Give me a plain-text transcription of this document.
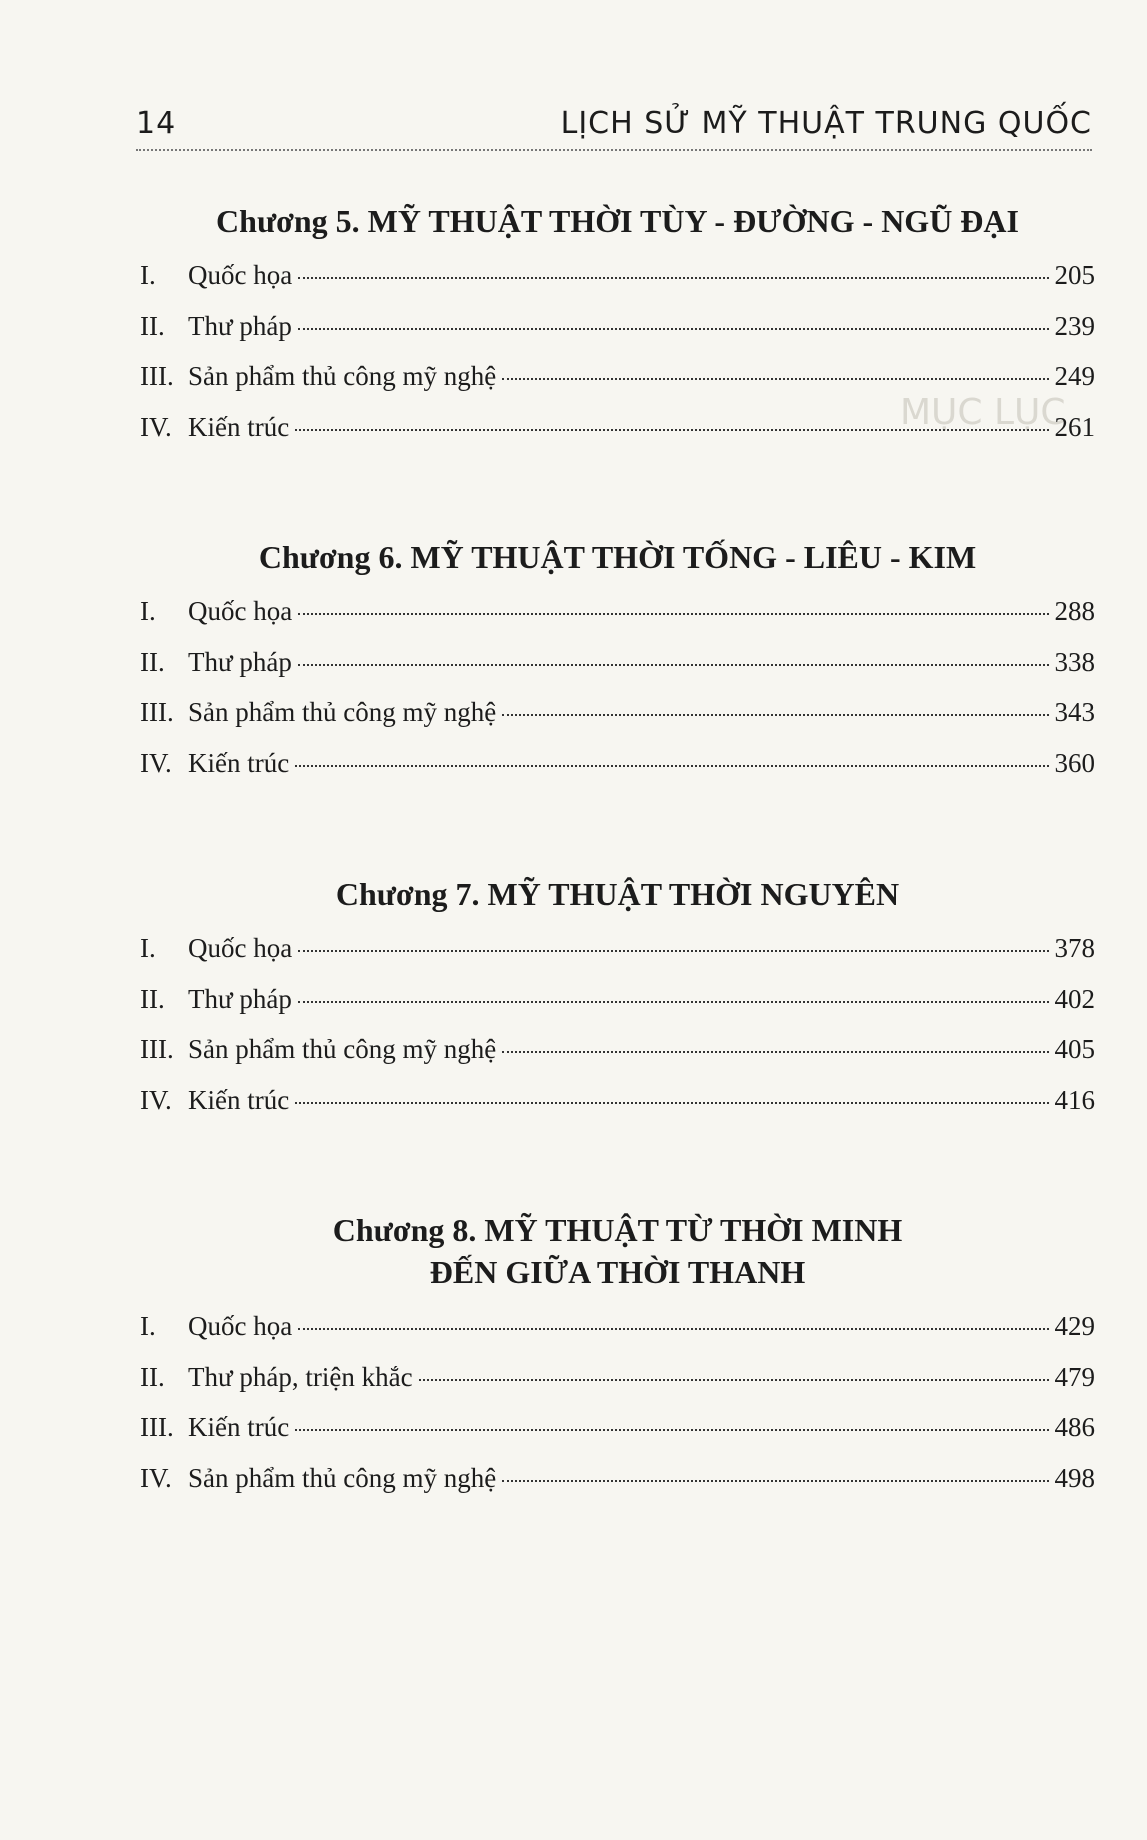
MỤC LỤC
14	LỊCH SỬ MỸ THUẬT TRUNG QUỐC
Chương 5. MỸ THUẬT THỜI TÙY - ĐƯỜNG - NGŨ ĐẠI
I.	Quốc họa	205
II. Thư pháp	239
III. Sản phẩm thủ công mỹ nghệ	249
IV. Kiến trúc	261
Chương 6. MỸ THUẬT THỜI TỐNG - LIÊU - KIM
I.	Quốc họa	288
II. Thư pháp	338
III. Sản phẩm thủ công mỹ nghệ	343
IV. Kiến trúc	360
Chương 7. MỸ THUẬT THỜI NGUYÊN
I.	Quốc họa	378
II. Thư pháp	402
III. Sản phẩm thủ công mỹ nghệ	405
IV. Kiến trúc	416
Chương 8. MỸ THUẬT TỪ THỜI MINH
ĐẾN GIỮA THỜI THANH
I.	Quốc họa	429
II. Thư pháp, triện khắc	479
III. Kiến trúc	486
IV. Sản phẩm thủ công mỹ nghệ	498
